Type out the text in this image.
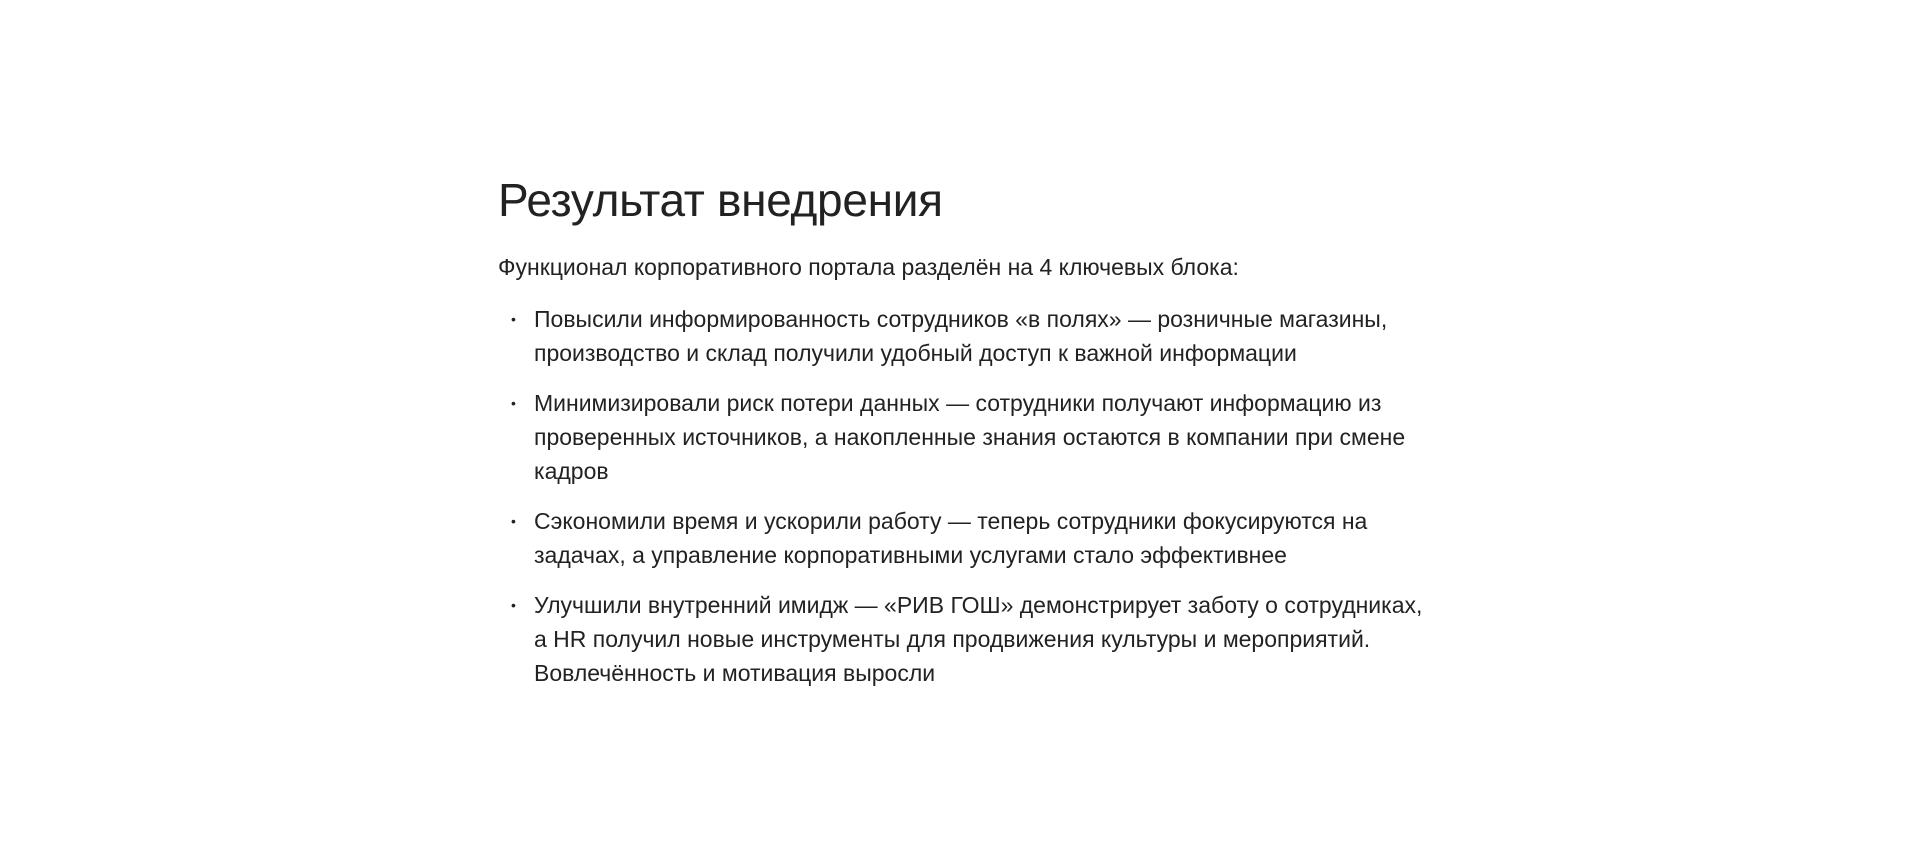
Результат внедрения

Функционал корпоративного портала разделён на 4 ключевых блока:

• Повысили информированность сотрудников «в полях» — розничные магазины, производство и склад получили удобный доступ к важной информации
• Минимизировали риск потери данных — сотрудники получают информацию из проверенных источников, а накопленные знания остаются в компании при смене кадров
• Сэкономили время и ускорили работу — теперь сотрудники фокусируются на задачах, а управление корпоративными услугами стало эффективнее
• Улучшили внутренний имидж — «РИВ ГОШ» демонстрирует заботу о сотрудниках, а HR получил новые инструменты для продвижения культуры и мероприятий. Вовлечённость и мотивация выросли
